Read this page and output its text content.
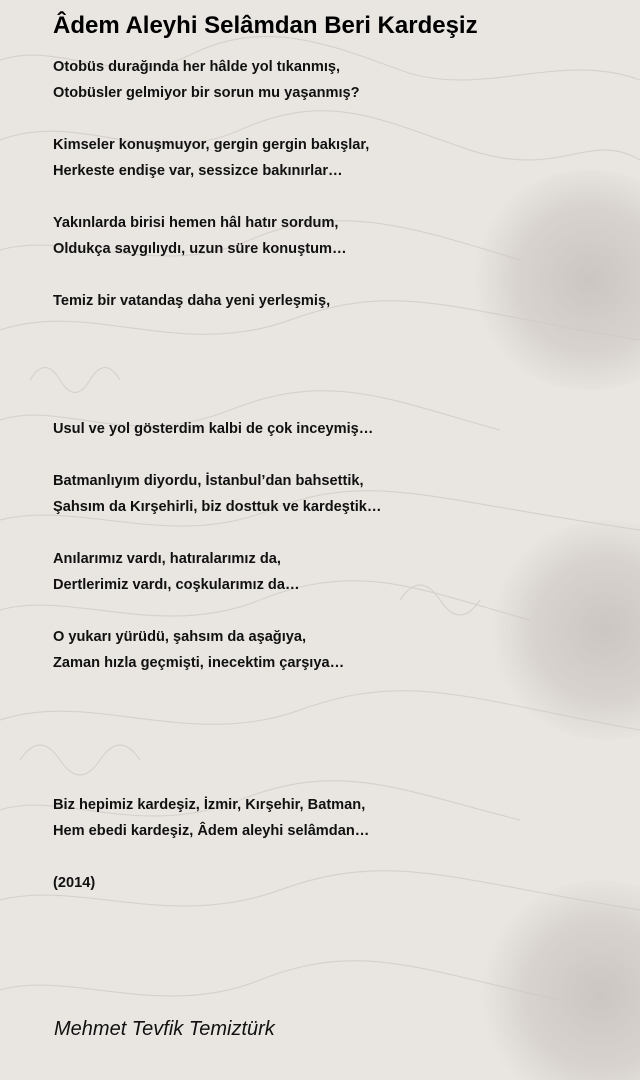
Âdem Aleyhi Selâmdan Beri Kardeşiz
Otobüs durağında her hâlde yol tıkanmış,
Otobüsler gelmiyor bir sorun mu yaşanmış?
Kimseler konuşmuyor, gergin gergin bakışlar,
Herkeste endişe var, sessizce bakınırlar…
Yakınlarda birisi hemen hâl hatır sordum,
Oldukça saygılıydı, uzun süre konuştum…
Temiz bir vatandaş daha yeni yerleşmiş,
Usul ve yol gösterdim kalbi de çok inceymiş…
Batmanlıyım diyordu, İstanbul’dan bahsettik,
Şahsım da Kırşehirli, biz dosttuk ve kardeştik…
Anılarımız vardı, hatıralarımız da,
Dertlerimiz vardı, coşkularımız da…
O yukarı yürüdü, şahsım da aşağıya,
Zaman hızla geçmişti, inecektim çarşıya…
Biz hepimiz kardeşiz, İzmir, Kırşehir, Batman,
Hem ebedi kardeşiz, Âdem aleyhi selâmdan…
(2014)
Mehmet Tevfik Temiztürk
